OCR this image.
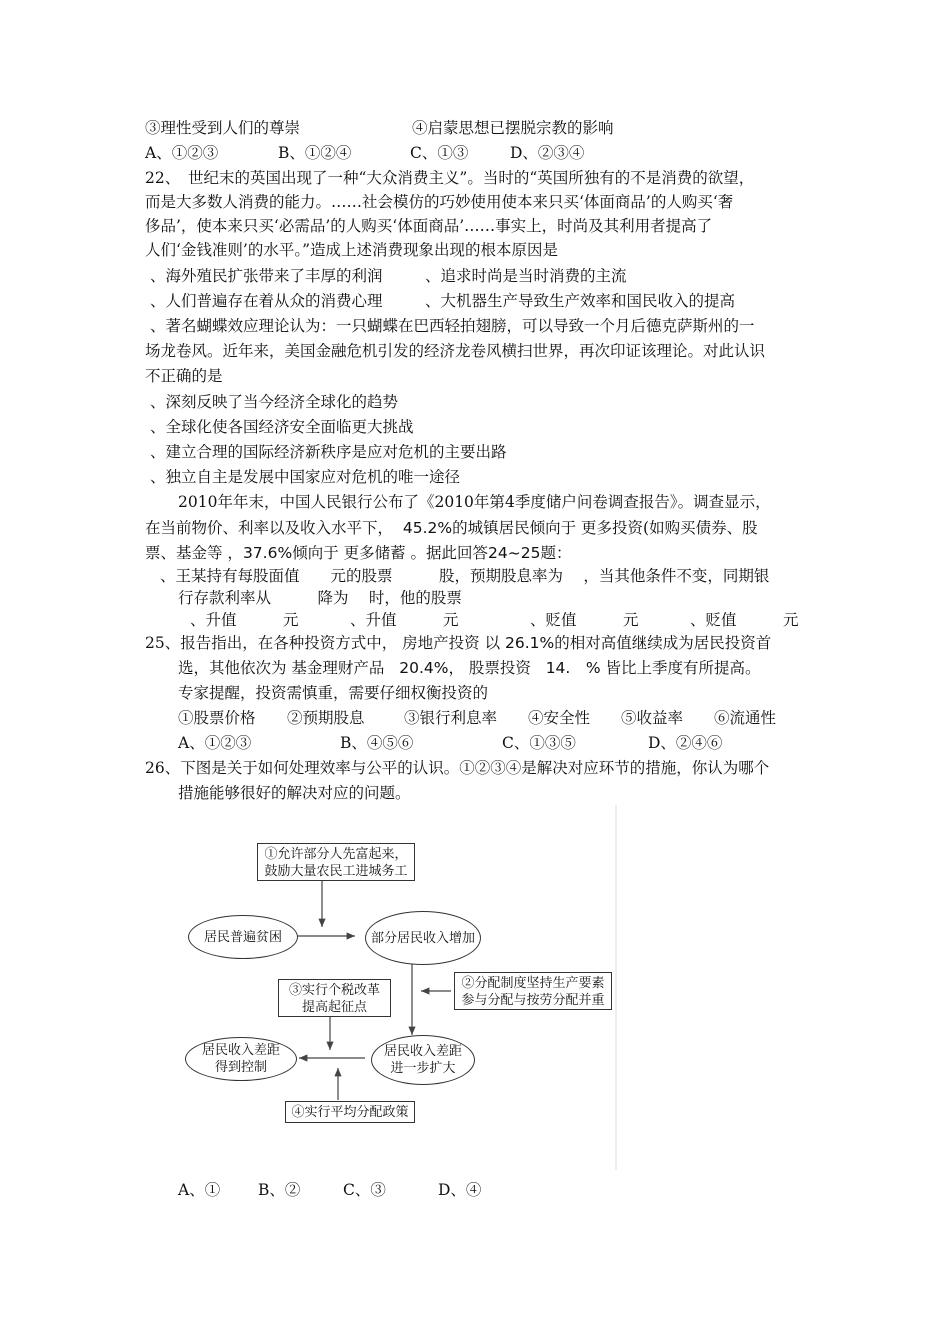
③理性受到人们的尊崇	④启蒙思想已摆脱宗教的影响
A、①②③	B、①②④	C、①③	D、②③④
22、　世纪末的英国出现了一种“大众消费主义”。当时的“英国所独有的不是消费的欲望，
而是大多数人消费的能力。……社会模仿的巧妙使用使本来只买‘体面商品’的人购买‘奢
侈品’，使本来只买‘必需品’的人购买‘体面商品’……事实上，时尚及其利用者提高了
人们‘金钱准则’的水平。”造成上述消费现象出现的根本原因是
、海外殖民扩张带来了丰厚的利润	、追求时尚是当时消费的主流
、人们普遍存在着从众的消费心理	、大机器生产导致生产效率和国民收入的提高
、著名蝴蝶效应理论认为：一只蝴蝶在巴西轻拍翅膀，可以导致一个月后德克萨斯州的一
场龙卷风。近年来，美国金融危机引发的经济龙卷风横扫世界，再次印证该理论。对此认识
不正确的是
、深刻反映了当今经济全球化的趋势
、全球化使各国经济安全面临更大挑战
、建立合理的国际经济新秩序是应对危机的主要出路
、独立自主是发展中国家应对危机的唯一途径
2010年年末，中国人民银行公布了《2010年第4季度储户问卷调查报告》。调查显示，
在当前物价、利率以及收入水平下， 45.2%的城镇居民倾向于 更多投资(如购买债券、股
票、基金等 ，37.6%倾向于 更多储蓄 。据此回答24~25题：
、王某持有每股面值　　元的股票　　　股，预期股息率为　 ，当其他条件不变，同期银
行存款利率从　　　降为　 时，他的股票
、升值　　　元	、升值　　　元	、贬值　　　元	、贬值　　　元
25、报告指出，在各种投资方式中， 房地产投资 以 26.1%的相对高值继续成为居民投资首
选，其他依次为 基金理财产品 20.4%， 股票投资 14.　% 皆比上季度有所提高。
专家提醒，投资需慎重，需要仔细权衡投资的
①股票价格 ②预期股息	③银行利息率 ④安全性 ⑤收益率 ⑥流通性
A、①②③	B、④⑤⑥	C、①③⑤	D、②④⑥
26、下图是关于如何处理效率与公平的认识。①②③④是解决对应环节的措施，你认为哪个
措施能够很好的解决对应的问题。
①允许部分人先富起来，
鼓励大量农民工进城务工
居民普遍贫困	部分居民收入增加
②分配制度坚持生产要素
参与分配与按劳分配并重
③实行个税改革
提高起征点
居民收入差距
得到控制
居民收入差距
进一步扩大
④实行平均分配政策
A、① B、②	C、③	D、④
